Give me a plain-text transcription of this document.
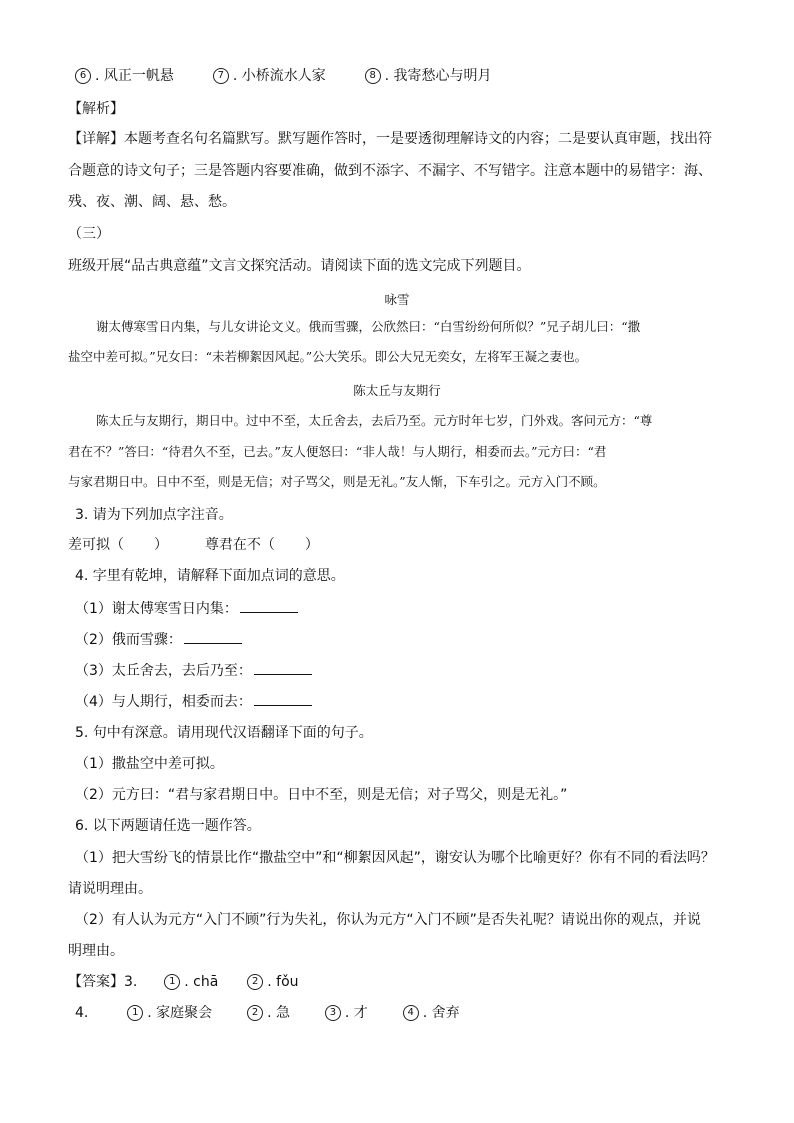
6 . 风正一帆悬	7 . 小桥流水人家	8 . 我寄愁心与明月
【解析】
【详解】本题考查名句名篇默写。默写题作答时，一是要透彻理解诗文的内容；二是要认真审题，找出符
合题意的诗文句子；三是答题内容要准确，做到不添字、不漏字、不写错字。注意本题中的易错字：海、
残、夜、潮、阔、悬、愁。
（三）
班级开展“品古典意蕴”文言文探究活动。请阅读下面的选文完成下列题目。
咏雪
谢太傅寒雪日内集，与儿女讲论文义。俄而雪骤，公欣然曰：“白雪纷纷何所似？”兄子胡儿曰：“撒
盐空中差可拟。”兄女曰：“未若柳絮因风起。”公大笑乐。即公大兄无奕女，左将军王凝之妻也。
陈太丘与友期行
陈太丘与友期行，期日中。过中不至，太丘舍去，去后乃至。元方时年七岁，门外戏。客问元方：“尊
君在不？”答曰：“待君久不至，已去。”友人便怒曰：“非人哉！与人期行，相委而去。”元方曰：“君
与家君期日中。日中不至，则是无信；对子骂父，则是无礼。”友人惭，下车引之。元方入门不顾。
3. 请为下列加点字注音。
差可拟（ ）	尊君在不（ ）
4. 字里有乾坤，请解释下面加点词的意思。
（1）谢太傅寒雪日内集：
（2）俄而雪骤：
（3）太丘舍去，去后乃至：
（4）与人期行，相委而去：
5. 句中有深意。请用现代汉语翻译下面的句子。
（1）撒盐空中差可拟。
（2）元方曰：“君与家君期日中。日中不至，则是无信；对子骂父，则是无礼。”
6. 以下两题请任选一题作答。
（1）把大雪纷飞的情景比作“撒盐空中”和“柳絮因风起”，谢安认为哪个比喻更好？你有不同的看法吗？
请说明理由。
（2）有人认为元方“入门不顾”行为失礼，你认为元方“入门不顾”是否失礼呢？请说出你的观点，并说
明理由。
【答案】3.	1 . chā	2 . fǒu
4.	1 . 家庭聚会	2 . 急	3 . 才	4 . 舍弃
